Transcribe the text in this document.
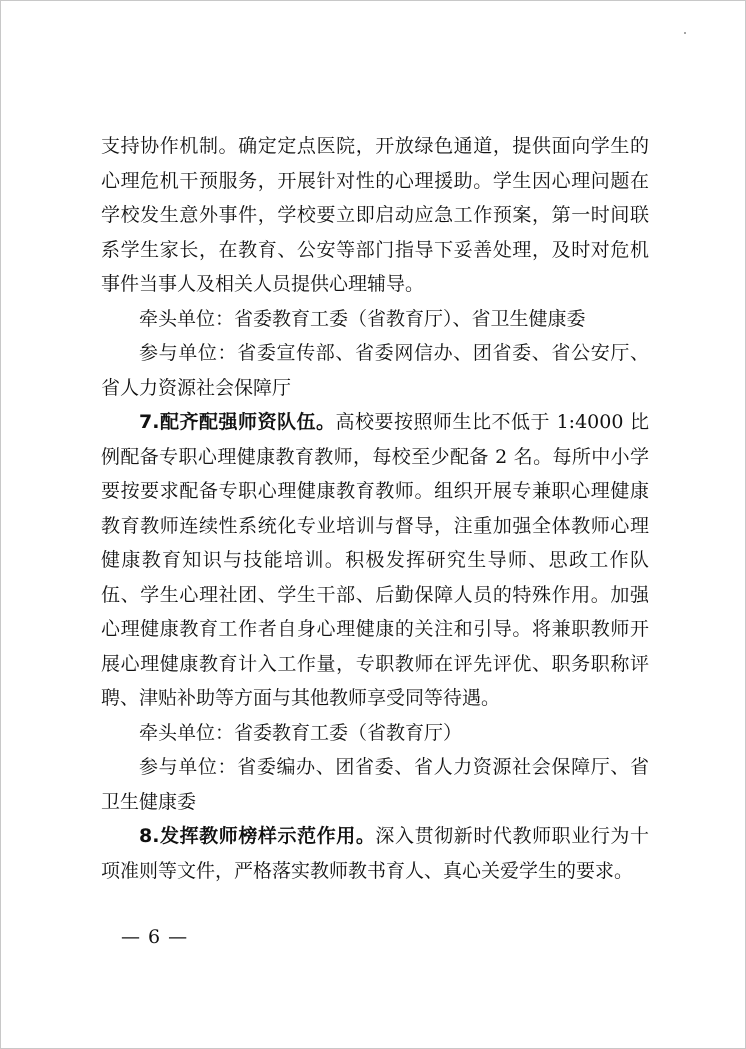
支持协作机制。确定定点医院，开放绿色通道，提供面向学生的心理危机干预服务，开展针对性的心理援助。学生因心理问题在学校发生意外事件，学校要立即启动应急工作预案，第一时间联系学生家长，在教育、公安等部门指导下妥善处理，及时对危机事件当事人及相关人员提供心理辅导。

牵头单位：省委教育工委（省教育厅）、省卫生健康委

参与单位：省委宣传部、省委网信办、团省委、省公安厅、省人力资源社会保障厅

7.配齐配强师资队伍。高校要按照师生比不低于 1:4000 比例配备专职心理健康教育教师，每校至少配备 2 名。每所中小学要按要求配备专职心理健康教育教师。组织开展专兼职心理健康教育教师连续性系统化专业培训与督导，注重加强全体教师心理健康教育知识与技能培训。积极发挥研究生导师、思政工作队伍、学生心理社团、学生干部、后勤保障人员的特殊作用。加强心理健康教育工作者自身心理健康的关注和引导。将兼职教师开展心理健康教育计入工作量，专职教师在评先评优、职务职称评聘、津贴补助等方面与其他教师享受同等待遇。

牵头单位：省委教育工委（省教育厅）

参与单位：省委编办、团省委、省人力资源社会保障厅、省卫生健康委

8.发挥教师榜样示范作用。深入贯彻新时代教师职业行为十项准则等文件，严格落实教师教书育人、真心关爱学生的要求。

— 6 —
